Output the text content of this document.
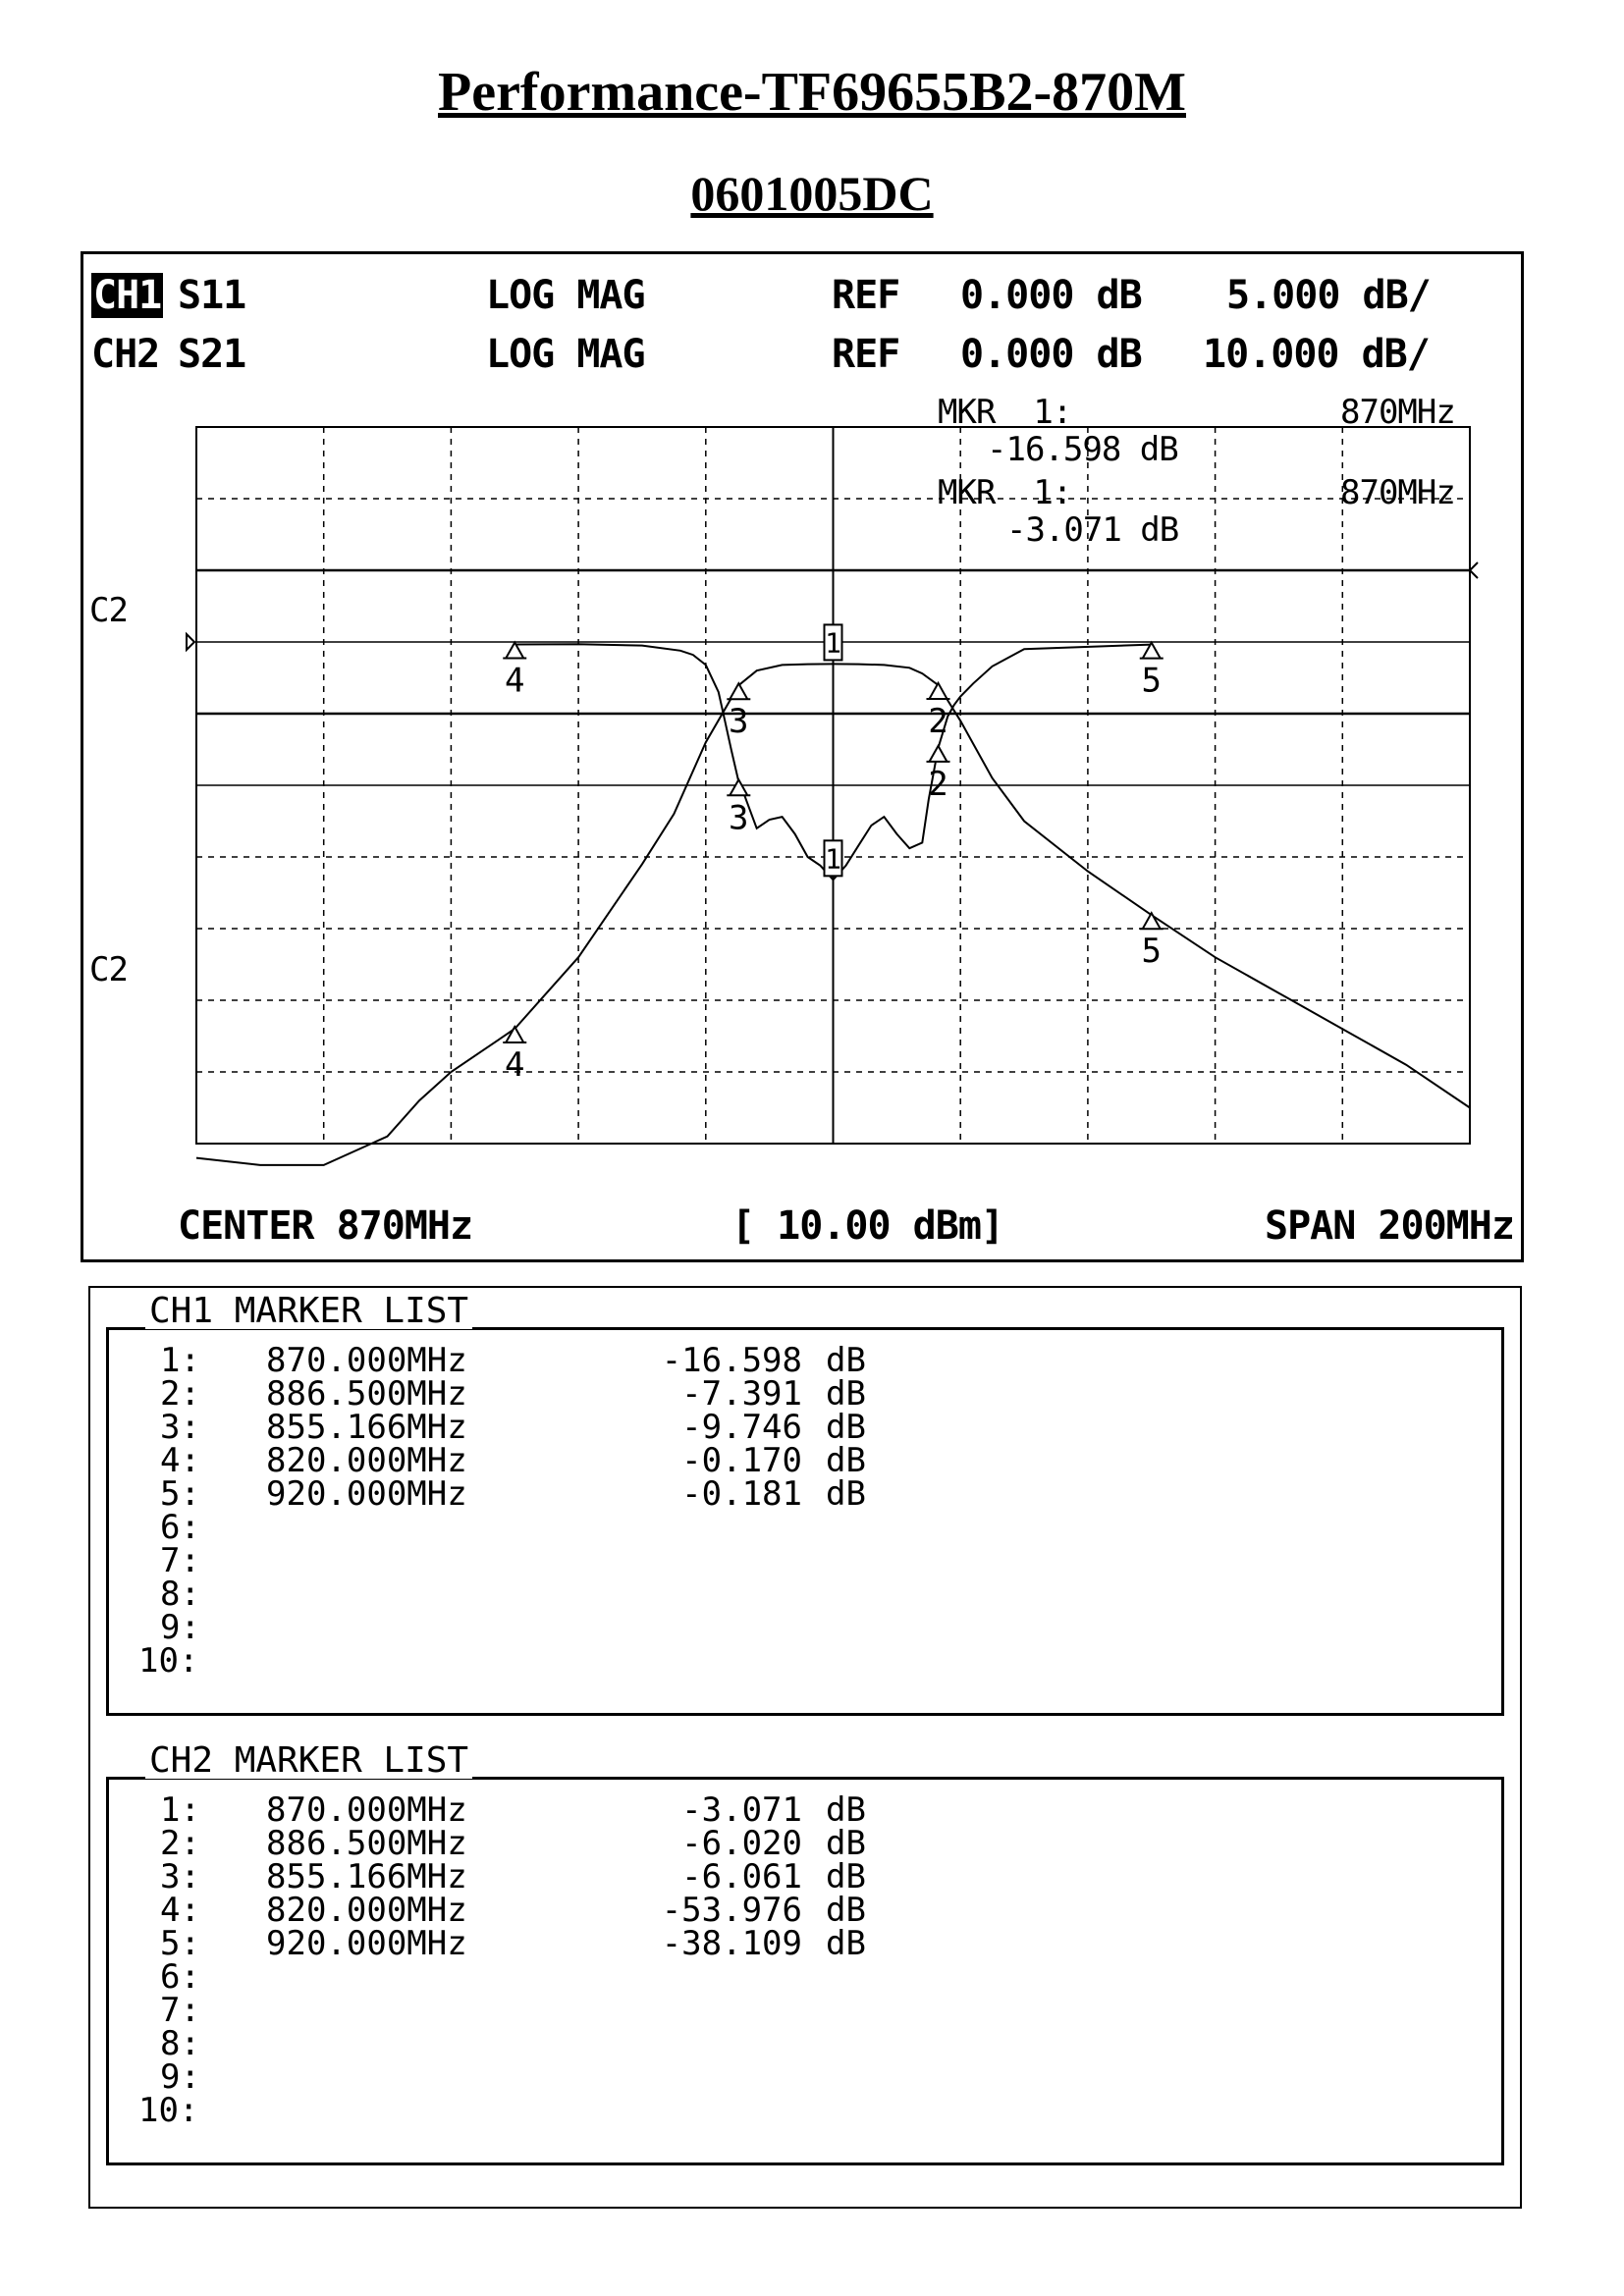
Performance-TF69655B2-870M
0601005DC
CH1 S11	LOG MAG	REF 0.000 dB 5.000 dB/
CH2 S21	LOG MAG	REF 0.000 dB 10.000 dB/
MKR  1:	870MHz
-16.598 dB
MKR  1:	870MHz
-3.071 dB
C2
C2
1
2
3
4	5
1
2
3
4
5
CENTER 870MHz	[ 10.00 dBm]	SPAN 200MHz
1: 870.000MHz	-16.598 dB
2: 886.500MHz	-7.391 dB
3: 855.166MHz	-9.746 dB
4: 820.000MHz	-0.170 dB
5: 920.000MHz	-0.181 dB
6:
7:
8:
9:
10:
CH1 MARKER LIST
1: 870.000MHz	-3.071 dB
2: 886.500MHz	-6.020 dB
3: 855.166MHz	-6.061 dB
4: 820.000MHz	-53.976 dB
5: 920.000MHz	-38.109 dB
6:
7:
8:
9:
10:
CH2 MARKER LIST
